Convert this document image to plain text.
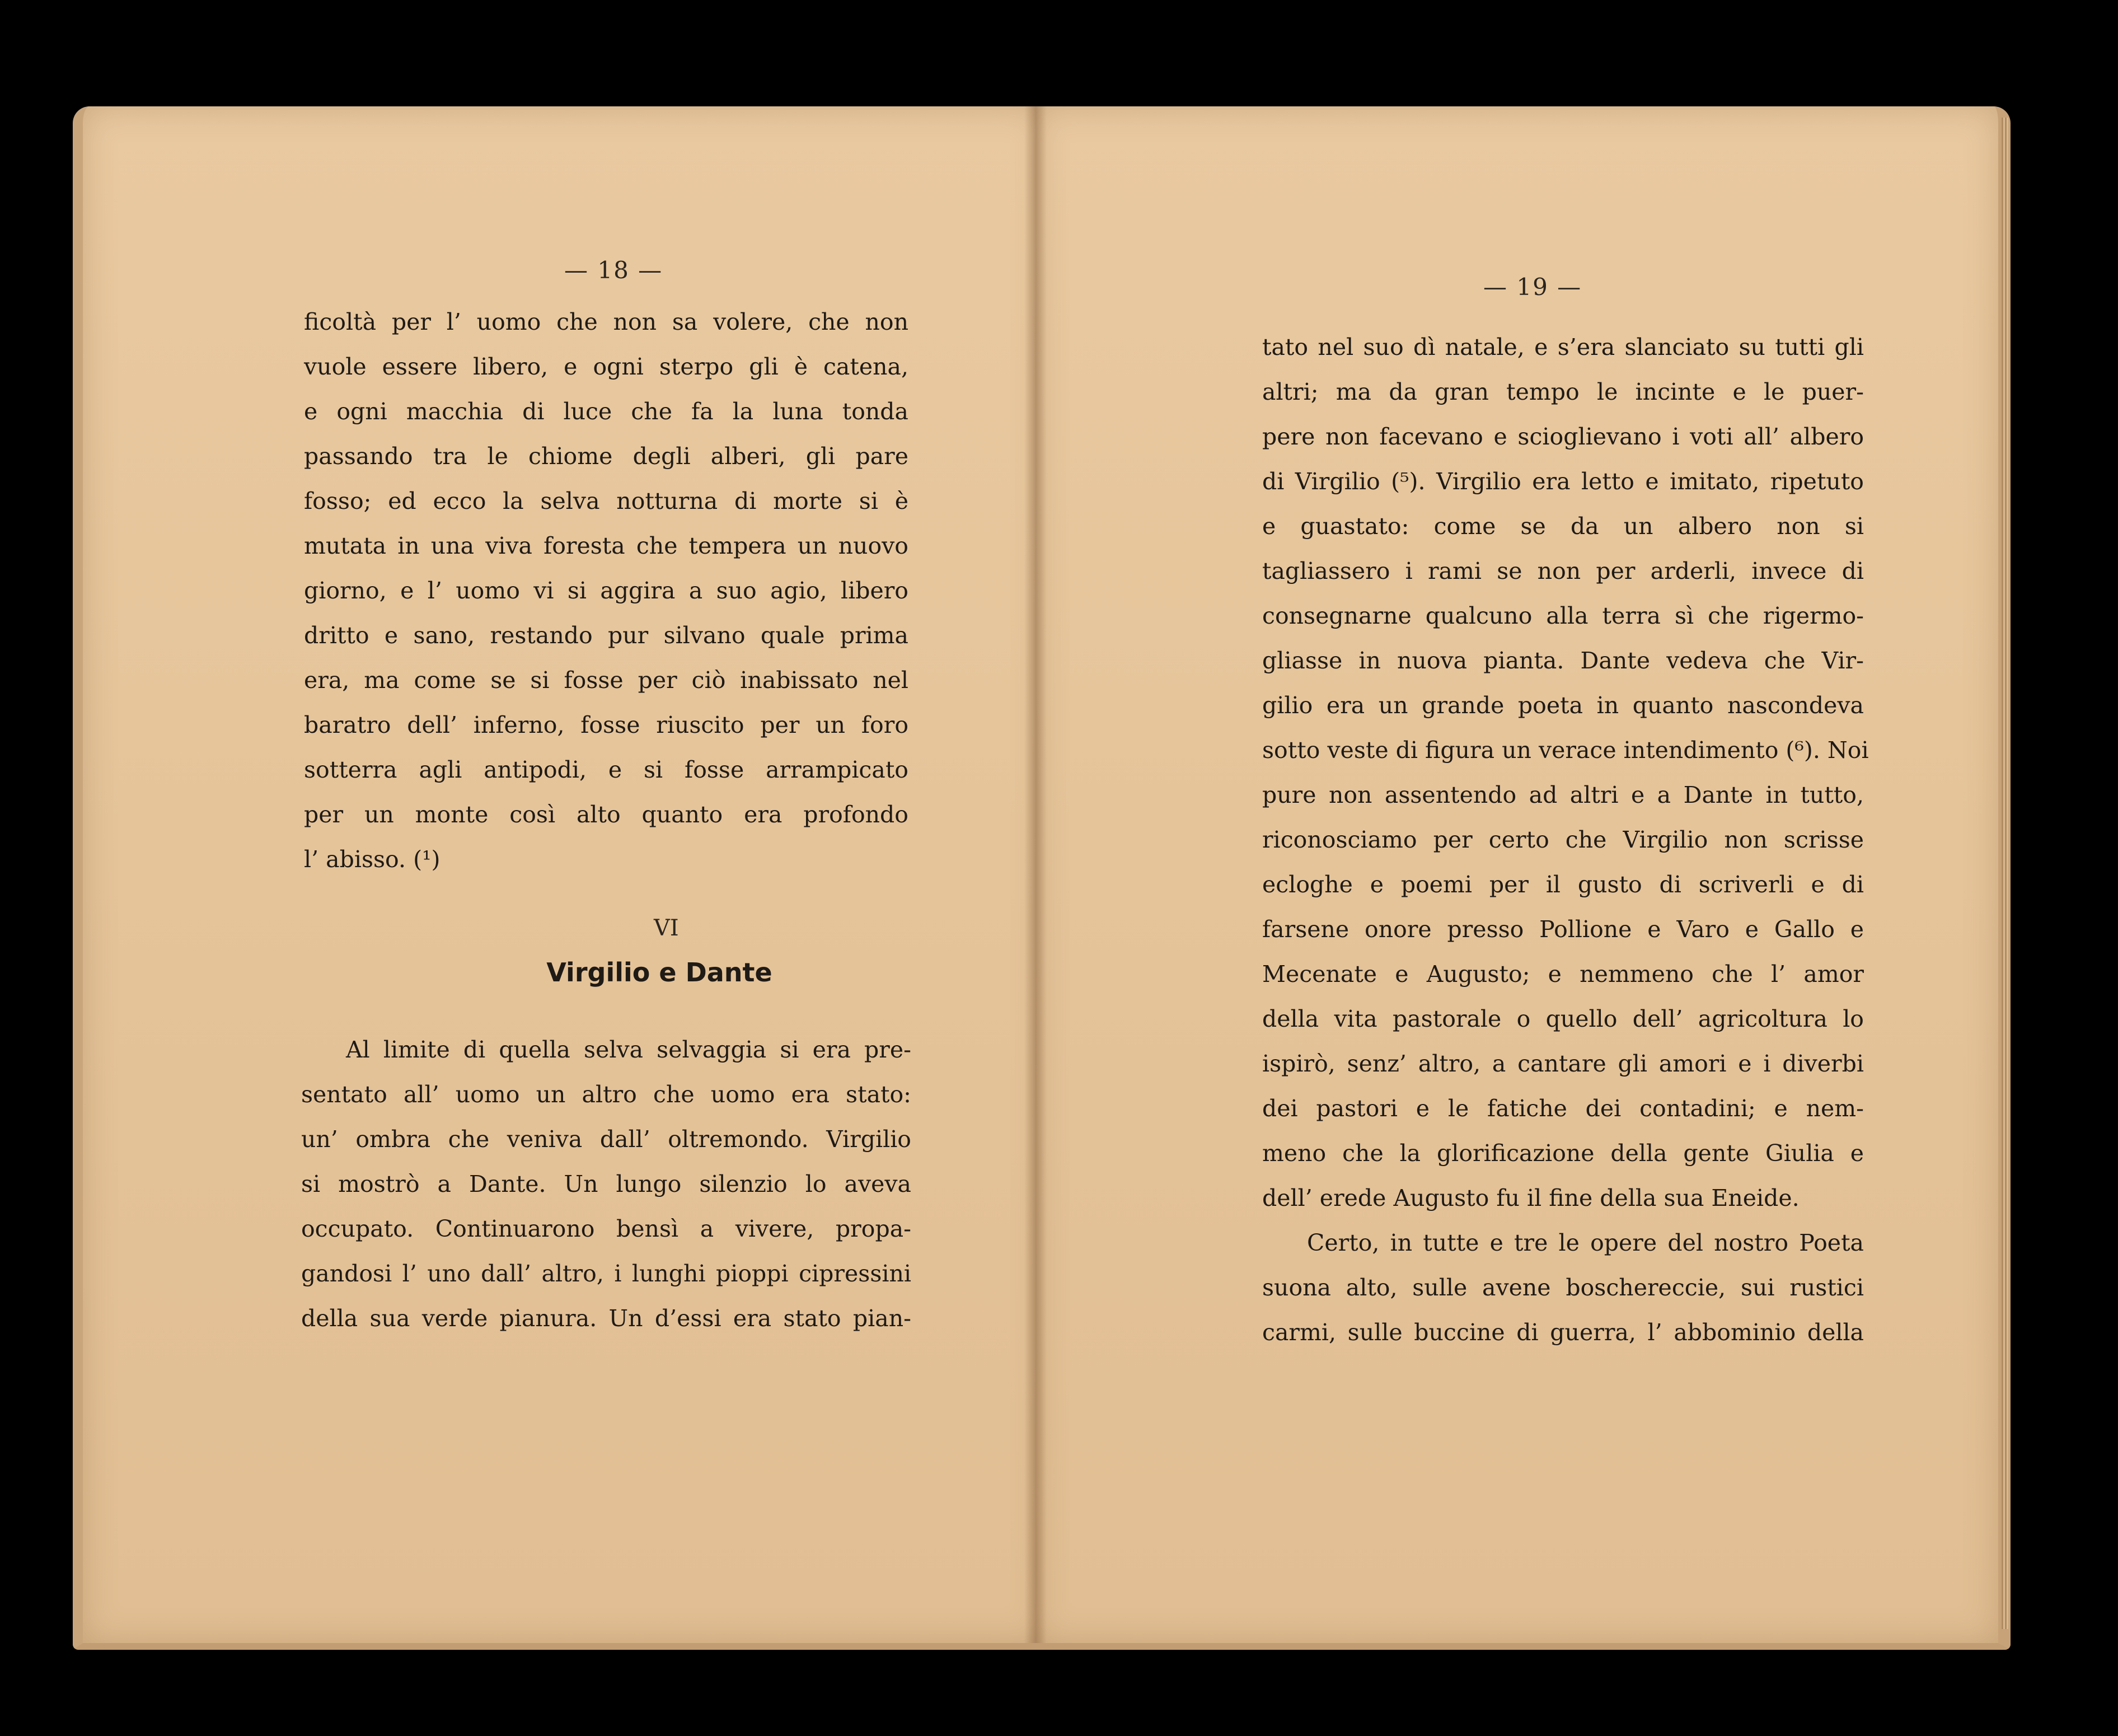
— 18 —
ficoltà per l’ uomo che non sa volere, che non
vuole essere libero, e ogni sterpo gli è catena,
e ogni macchia di luce che fa la luna tonda
passando tra le chiome degli alberi, gli pare
fosso; ed ecco la selva notturna di morte si è
mutata in una viva foresta che tempera un nuovo
giorno, e l’ uomo vi si aggira a suo agio, libero
dritto e sano, restando pur silvano quale prima
era, ma come se si fosse per ciò inabissato nel
baratro dell’ inferno, fosse riuscito per un foro
sotterra agli antipodi, e si fosse arrampicato
per un monte così alto quanto era profondo
l’ abisso. (¹)
VI
Virgilio e Dante
Al limite di quella selva selvaggia si era pre-
sentato all’ uomo un altro che uomo era stato:
un’ ombra che veniva dall’ oltremondo. Virgilio
si mostrò a Dante. Un lungo silenzio lo aveva
occupato. Continuarono bensì a vivere, propa-
gandosi l’ uno dall’ altro, i lunghi pioppi cipressini
della sua verde pianura. Un d’essi era stato pian-
— 19 —
tato nel suo dì natale, e s’era slanciato su tutti gli
altri; ma da gran tempo le incinte e le puer-
pere non facevano e scioglievano i voti all’ albero
di Virgilio (⁵). Virgilio era letto e imitato, ripetuto
e guastato: come se da un albero non si
tagliassero i rami se non per arderli, invece di
consegnarne qualcuno alla terra sì che rigermo-
gliasse in nuova pianta. Dante vedeva che Vir-
gilio era un grande poeta in quanto nascondeva
sotto veste di figura un verace intendimento (⁶). Noi
pure non assentendo ad altri e a Dante in tutto,
riconosciamo per certo che Virgilio non scrisse
ecloghe e poemi per il gusto di scriverli e di
farsene onore presso Pollione e Varo e Gallo e
Mecenate e Augusto; e nemmeno che l’ amor
della vita pastorale o quello dell’ agricoltura lo
ispirò, senz’ altro, a cantare gli amori e i diverbi
dei pastori e le fatiche dei contadini; e nem-
meno che la glorificazione della gente Giulia e
dell’ erede Augusto fu il fine della sua Eneide.
Certo, in tutte e tre le opere del nostro Poeta
suona alto, sulle avene boschereccie, sui rustici
carmi, sulle buccine di guerra, l’ abbominio della
